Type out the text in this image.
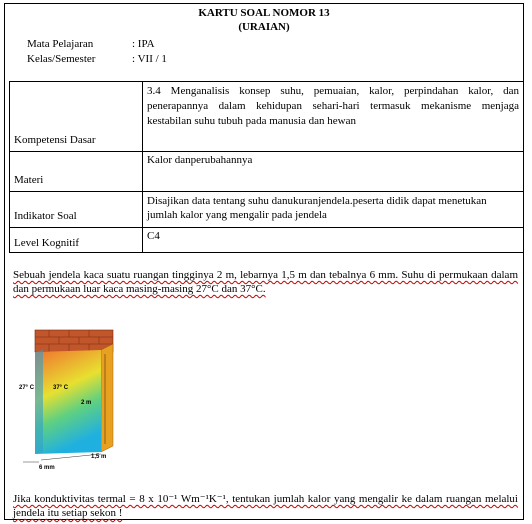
KARTU SOAL NOMOR 13
(URAIAN)
Mata Pelajaran	: IPA
Kelas/Semester	: VII / 1
Kompetensi Dasar	3.4 Menganalisis konsep suhu, pemuaian, kalor, perpindahan kalor, dan penerapannya dalam kehidupan sehari-hari termasuk mekanisme menjaga kestabilan suhu tubuh pada manusia dan hewan
Materi	Kalor danperubahannya
Indikator Soal	Disajikan data tentang suhu danukuranjendela.peserta didik dapat menetukan jumlah kalor yang mengalir pada jendela
Level Kognitif	C4
Sebuah jendela kaca suatu ruangan tingginya 2 m, lebarnya 1,5 m dan tebalnya 6 mm. Suhu di permukaan dalam dan permukaan luar kaca masing-masing 27°C dan 37°C.
27° C	37° C
2 m
1,5 m
6 mm
Jika konduktivitas termal = 8 x 10⁻¹ Wm⁻¹K⁻¹, tentukan jumlah kalor yang mengalir ke dalam ruangan melalui jendela itu setiap sekon !
